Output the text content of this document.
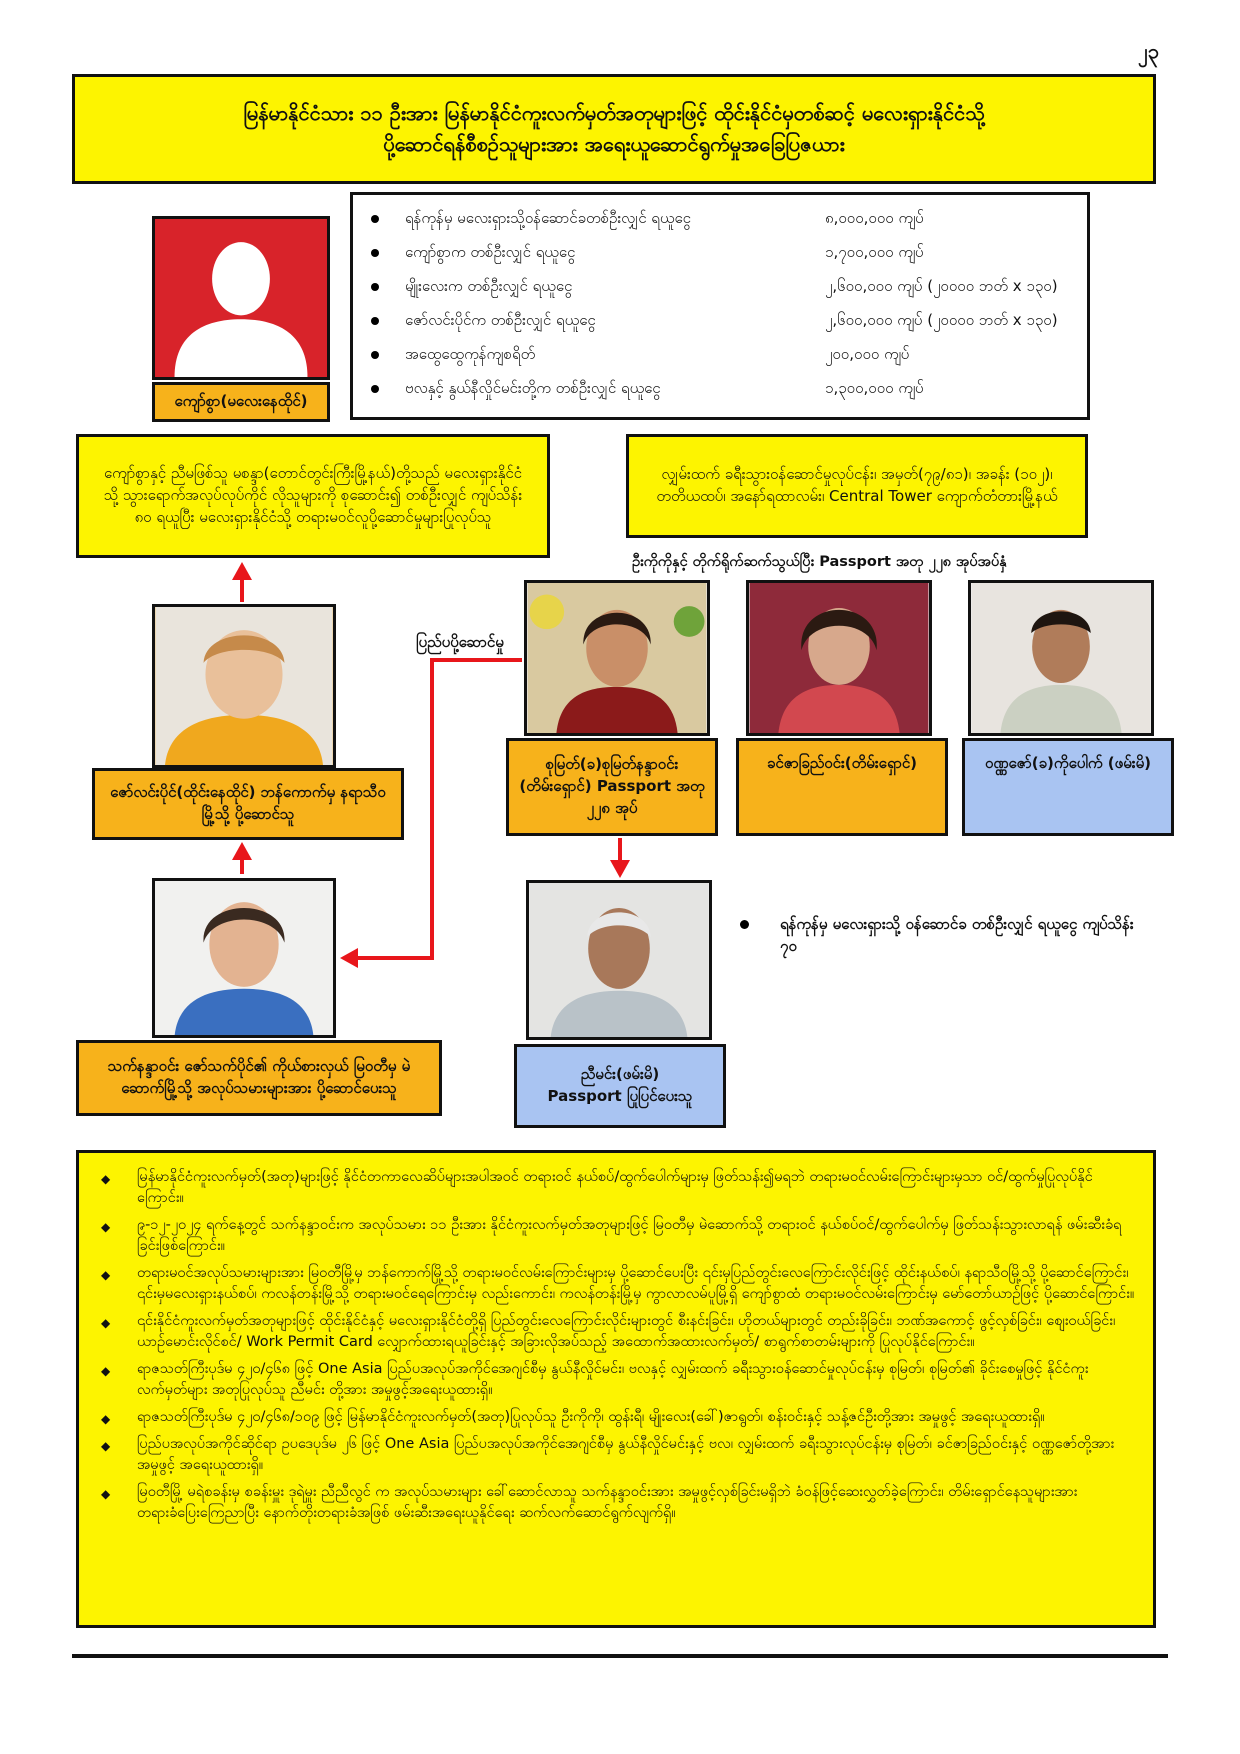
၂၃
မြန်မာနိုင်ငံသား ၁၁ ဦးအား မြန်မာနိုင်ငံကူးလက်မှတ်အတုများဖြင့် ထိုင်းနိုင်ငံမှတစ်ဆင့် မလေးရှားနိုင်ငံသို့
ပို့ဆောင်ရန်စီစဉ်သူများအား အရေးယူဆောင်ရွက်မှုအခြေပြဇယား
ကျော်စွာ(မလေးနေထိုင်)
ရန်ကုန်မှ မလေးရှားသို့ဝန်ဆောင်ခတစ်ဦးလျှင် ရယူငွေ	၈,၀၀၀,၀၀၀ ကျပ်
ကျော်စွာက တစ်ဦးလျှင် ရယူငွေ	၁,၇၀၀,၀၀၀ ကျပ်
မျိုးလေးက တစ်ဦးလျှင် ရယူငွေ	၂,၆၀၀,၀၀၀ ကျပ် (၂၀၀၀၀ ဘတ် x ၁၃၀)
ဇော်လင်းပိုင်က တစ်ဦးလျှင် ရယူငွေ	၂,၆၀၀,၀၀၀ ကျပ် (၂၀၀၀၀ ဘတ် x ၁၃၀)
အထွေထွေကုန်ကျစရိတ်	၂၀၀,၀၀၀ ကျပ်
ဗလနှင့် နွယ်နီလှိုင်မင်းတို့က တစ်ဦးလျှင် ရယူငွေ	၁,၃၀၀,၀၀၀ ကျပ်
ကျော်စွာနှင့် ညီမဖြစ်သူ မစန္ဒာ(တောင်တွင်းကြီးမြို့နယ်)တို့သည် မလေးရှားနိုင်ငံသို့ သွားရောက်အလုပ်လုပ်ကိုင် လိုသူများကို စုဆောင်း၍ တစ်ဦးလျှင် ကျပ်သိန်း ၈၀ ရယူပြီး မလေးရှားနိုင်ငံသို့ တရားမဝင်လူပို့ဆောင်မှုများပြုလုပ်သူ
လျှမ်းထက် ခရီးသွားဝန်ဆောင်မှုလုပ်ငန်း၊ အမှတ်(၇၉/၈၁)၊ အခန်း (၁၀၂)၊ တတိယထပ်၊ အနော်ရထာလမ်း၊ Central Tower ကျောက်တံတားမြို့နယ်
ဦးကိုကိုနှင့် တိုက်ရိုက်ဆက်သွယ်ပြီး Passport အတု ၂၂၈ အုပ်အပ်နှံ
ဇော်လင်းပိုင်(ထိုင်းနေထိုင်) ဘန်ကောက်မှ နရာသီဝမြို့သို့ ပို့ဆောင်သူ
စုမြတ်(ခ)စုမြတ်နန္ဒာဝင်း (တိမ်းရှောင်) Passport အတု ၂၂၈ အုပ်
ခင်ဇာခြည်ဝင်း(တိမ်းရှောင်)	ဝဏ္ဏဇော်(ခ)ကိုပေါက် (ဖမ်းမိ)
ပြည်ပပို့ဆောင်မှု
သက်နန္ဒာဝင်း ဇော်သက်ပိုင်၏ ကိုယ်စားလှယ် မြဝတီမှ မဲဆောက်မြို့သို့ အလုပ်သမားများအား ပို့ဆောင်ပေးသူ
ညီမင်း(ဖမ်းမိ)
Passport ပြုပြင်ပေးသူ
ရန်ကုန်မှ မလေးရှားသို့ ဝန်ဆောင်ခ တစ်ဦးလျှင် ရယူငွေ ကျပ်သိန်း ၇၀
◆ မြန်မာနိုင်ငံကူးလက်မှတ်(အတု)များဖြင့် နိုင်ငံတကာလေဆိပ်များအပါအဝင် တရားဝင် နယ်စပ်/ထွက်ပေါက်များမှ ဖြတ်သန်း၍မရဘဲ တရားမဝင်လမ်းကြောင်းများမှသာ ဝင်/ထွက်မှုပြုလုပ်နိုင်ကြောင်း။
◆ ၉-၁၂-၂၀၂၄ ရက်နေ့တွင် သက်နန္ဒာဝင်းက အလုပ်သမား ၁၁ ဦးအား နိုင်ငံကူးလက်မှတ်အတုများဖြင့် မြဝတီမှ မဲဆောက်သို့ တရားဝင် နယ်စပ်ဝင်/ထွက်ပေါက်မှ ဖြတ်သန်းသွားလာရန် ဖမ်းဆီးခံရခြင်းဖြစ်ကြောင်း။
◆ တရားမဝင်အလုပ်သမားများအား မြဝတီမြို့မှ ဘန်ကောက်မြို့သို့ တရားမဝင်လမ်းကြောင်းများမှ ပို့ဆောင်ပေးပြီး ၎င်းမှပြည်တွင်းလေကြောင်းလိုင်းဖြင့် ထိုင်းနယ်စပ်၊ နရာသီဝမြို့သို့ ပို့ဆောင်ကြောင်း၊ ၎င်းမှမလေးရှားနယ်စပ်၊ ကလန်တန်းမြို့သို့ တရားမဝင်ရေကြောင်းမှ လည်းကောင်း၊ ကလန်တန်းမြို့မှ ကွာလာလမ်ပူမြို့ရှိ ကျော်စွာထံ တရားမဝင်လမ်းကြောင်းမှ မော်တော်ယာဉ်ဖြင့် ပို့ဆောင်ကြောင်း။
◆ ၎င်းနိုင်ငံကူးလက်မှတ်အတုများဖြင့် ထိုင်းနိုင်ငံနှင့် မလေးရှားနိုင်ငံတို့ရှိ ပြည်တွင်းလေကြောင်းလိုင်းများတွင် စီးနင်းခြင်း၊ ဟိုတယ်များတွင် တည်းခိုခြင်း၊ ဘဏ်အကောင့် ဖွင့်လှစ်ခြင်း၊ စျေးဝယ်ခြင်း၊ ယာဉ်မောင်းလိုင်စင်/ Work Permit Card လျှောက်ထားရယူခြင်းနှင့် အခြားလိုအပ်သည့် အထောက်အထားလက်မှတ်/ စာရွက်စာတမ်းများကို ပြုလုပ်နိုင်ကြောင်း။
◆ ရာဇသတ်ကြီးပုဒ်မ ၄၂၀/၄၆၈ ဖြင့် One Asia ပြည်ပအလုပ်အကိုင်အေဂျင်စီမှ နွယ်နီလှိုင်မင်း၊ ဗလနှင့် လျှမ်းထက် ခရီးသွားဝန်ဆောင်မှုလုပ်ငန်းမှ စုမြတ်၊ စုမြတ်၏ ခိုင်းစေမှုဖြင့် နိုင်ငံကူးလက်မှတ်များ အတုပြုလုပ်သူ ညီမင်း တို့အား အမှုဖွင့်အရေးယူထားရှိ။
◆ ရာဇသတ်ကြီးပုဒ်မ ၄၂၀/၄၆၈/၁၀၉ ဖြင့် မြန်မာနိုင်ငံကူးလက်မှတ်(အတု)ပြုလုပ်သူ ဦးကိုကို၊ ထွန်းရီ၊ မျိုးလေး(ခေါ်)ဇာရွတ်၊ စန်းဝင်းနှင့် သန့်ဇင်ဦးတို့အား အမှုဖွင့် အရေးယူထားရှိ။
◆ ပြည်ပအလုပ်အကိုင်ဆိုင်ရာ ဥပဒေပုဒ်မ ၂၆ ဖြင့် One Asia ပြည်ပအလုပ်အကိုင်အေဂျင်စီမှ နွယ်နီလှိုင်မင်းနှင့် ဗလ၊ လျှမ်းထက် ခရီးသွားလုပ်ငန်းမှ စုမြတ်၊ ခင်ဇာခြည်ဝင်းနှင့် ဝဏ္ဏဇော်တို့အား အမှုဖွင့် အရေးယူထားရှိ။
◆ မြဝတီမြို့ မရဲစခန်းမှ စခန်းမှူး ဒုရဲမှူး ညီညီလွင် က အလုပ်သမားများ ခေါ်ဆောင်လာသူ သက်နန္ဒာဝင်းအား အမှုဖွင့်လှစ်ခြင်းမရှိဘဲ ခံဝန်ဖြင့်ဆေးလွှတ်ခဲ့ကြောင်း၊ တိမ်းရှောင်နေသူများအား တရားခံပြေးကြေညာပြီး နောက်တိုးတရားခံအဖြစ် ဖမ်းဆီးအရေးယူနိုင်ရေး ဆက်လက်ဆောင်ရွက်လျက်ရှိ။
